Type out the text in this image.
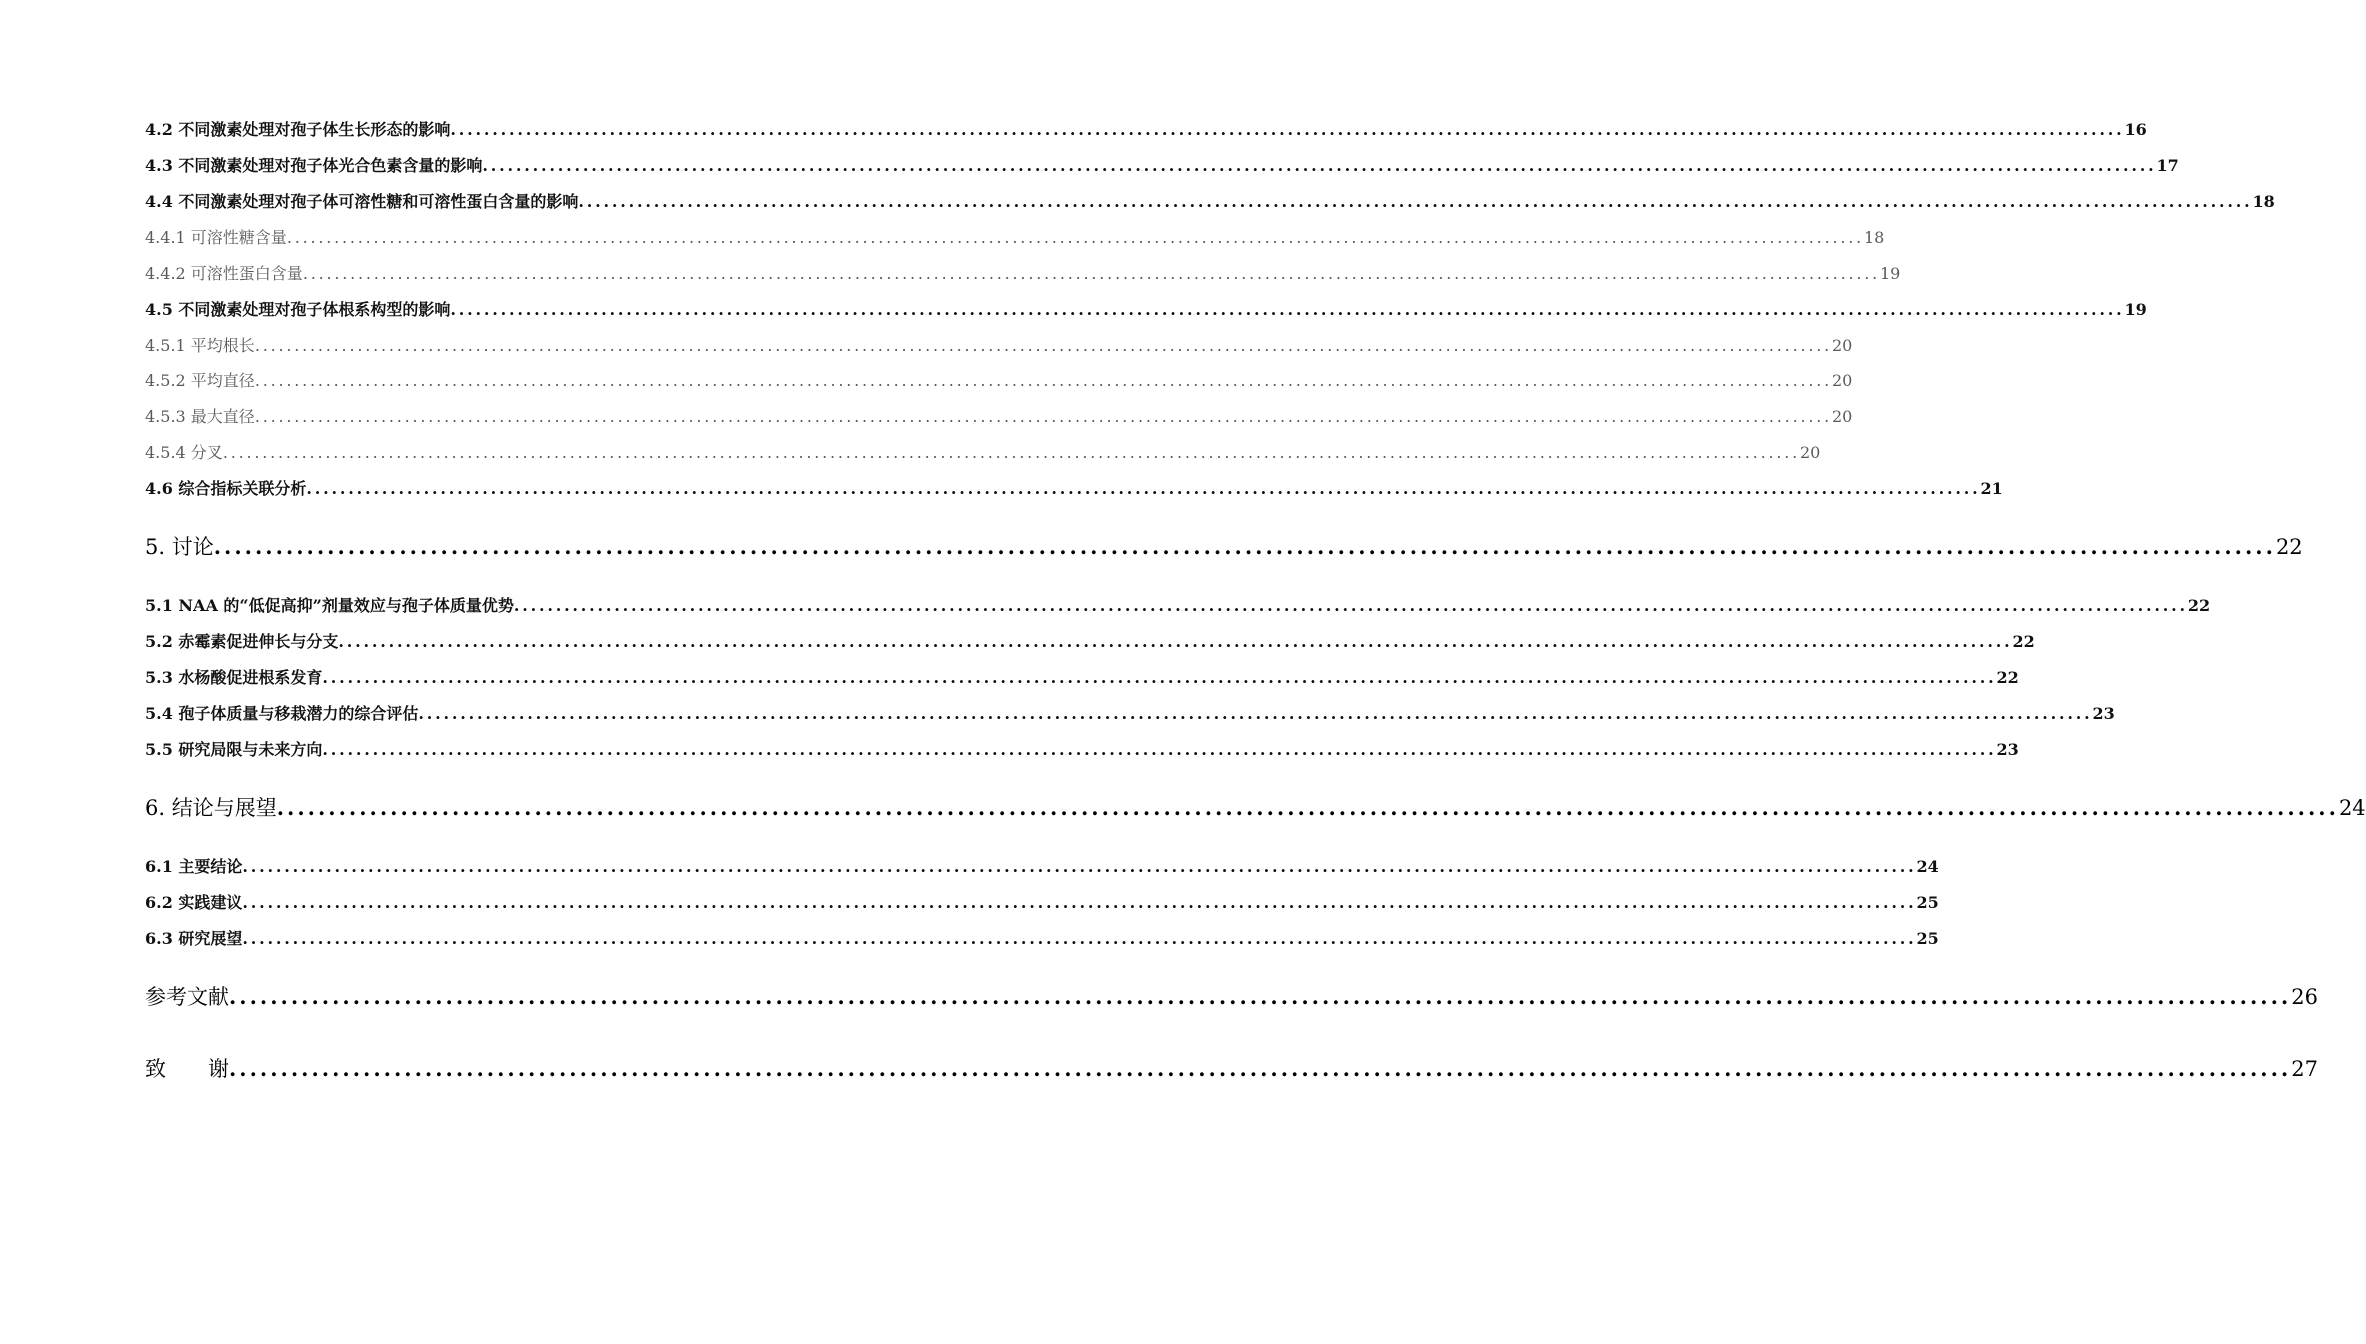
4.2 不同激素处理对孢子体生长形态的影响 ........................................................................................................................................................................................................ 16
4.3 不同激素处理对孢子体光合色素含量的影响 ........................................................................................................................................................................................................ 17
4.4 不同激素处理对孢子体可溶性糖和可溶性蛋白含量的影响 ........................................................................................................................................................................................................ 18
4.4.1 可溶性糖含量 ........................................................................................................................................................................................................ 18
4.4.2 可溶性蛋白含量 ........................................................................................................................................................................................................ 19
4.5 不同激素处理对孢子体根系构型的影响 ........................................................................................................................................................................................................ 19
4.5.1 平均根长 ........................................................................................................................................................................................................ 20
4.5.2 平均直径 ........................................................................................................................................................................................................ 20
4.5.3 最大直径 ........................................................................................................................................................................................................ 20
4.5.4 分叉 ........................................................................................................................................................................................................ 20
4.6 综合指标关联分析 ........................................................................................................................................................................................................ 21
5. 讨论 ........................................................................................................................................................................................................ 22
5.1 NAA 的“低促高抑”剂量效应与孢子体质量优势 ........................................................................................................................................................................................................ 22
5.2 赤霉素促进伸长与分支 ........................................................................................................................................................................................................ 22
5.3 水杨酸促进根系发育 ........................................................................................................................................................................................................ 22
5.4 孢子体质量与移栽潜力的综合评估 ........................................................................................................................................................................................................ 23
5.5 研究局限与未来方向 ........................................................................................................................................................................................................ 23
6. 结论与展望 ........................................................................................................................................................................................................ 24
6.1 主要结论 ........................................................................................................................................................................................................ 24
6.2 实践建议 ........................................................................................................................................................................................................ 25
6.3 研究展望 ........................................................................................................................................................................................................ 25
参考文献 ........................................................................................................................................................................................................ 26
致　　谢 ........................................................................................................................................................................................................ 27
